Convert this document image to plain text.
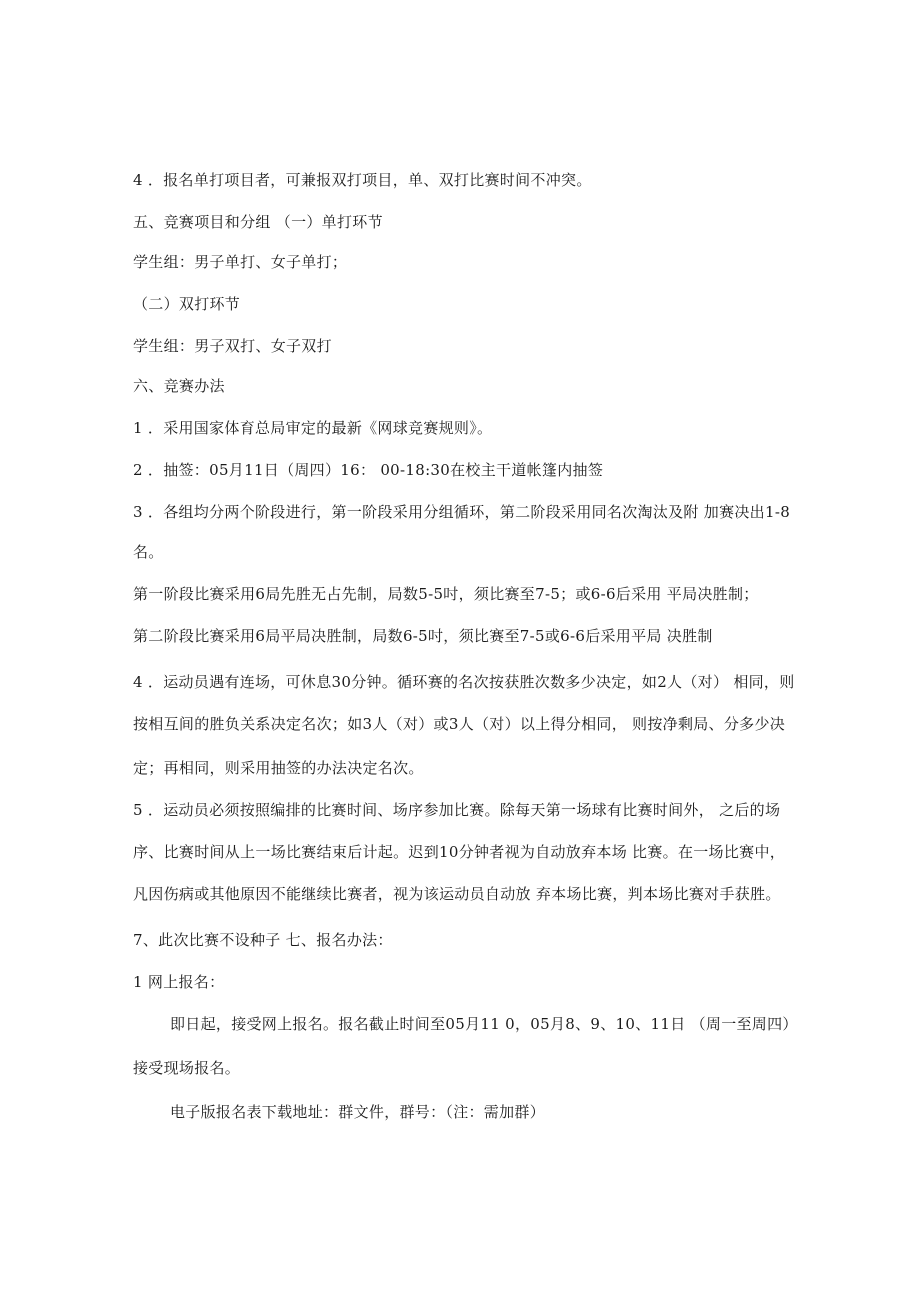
4 ．报名单打项目者，可兼报双打项目，单、双打比赛时间不冲突。
五、竞赛项目和分组 （一）单打环节
学生组：男子单打、女子单打；
（二）双打环节
学生组：男子双打、女子双打
六、竞赛办法
1 ．采用国家体育总局审定的最新《网球竞赛规则》。
2 ．抽签：05月11日（周四）16： 00-18:30在校主干道帐篷内抽签
3 ．各组均分两个阶段进行，第一阶段采用分组循环，第二阶段采用同名次淘汰及附 加赛决出1-8
名。
第一阶段比赛采用6局先胜无占先制，局数5-5吋，须比赛至7-5；或6-6后采用 平局决胜制；
第二阶段比赛采用6局平局决胜制，局数6-5吋，须比赛至7-5或6-6后采用平局 决胜制
4 ．运动员遇有连场，可休息30分钟。循环赛的名次按获胜次数多少决定，如2人（对） 相同，则
按相互间的胜负关系决定名次；如3人（对）或3人（对）以上得分相同， 则按净剩局、分多少决
定；再相同，则采用抽签的办法决定名次。
5 ．运动员必须按照编排的比赛时间、场序参加比赛。除每天第一场球有比赛时间外， 之后的场
序、比赛时间从上一场比赛结束后计起。迟到10分钟者视为自动放弃本场 比赛。在一场比赛中，
凡因伤病或其他原因不能继续比赛者，视为该运动员自动放 弃本场比赛，判本场比赛对手获胜。
7、此次比赛不设种子 七、报名办法：
1 网上报名：
即日起，接受网上报名。报名截止时间至05月11 0，05月8、9、10、11日 （周一至周四）
接受现场报名。
电子版报名表下载地址：群文件，群号：（注：需加群）
